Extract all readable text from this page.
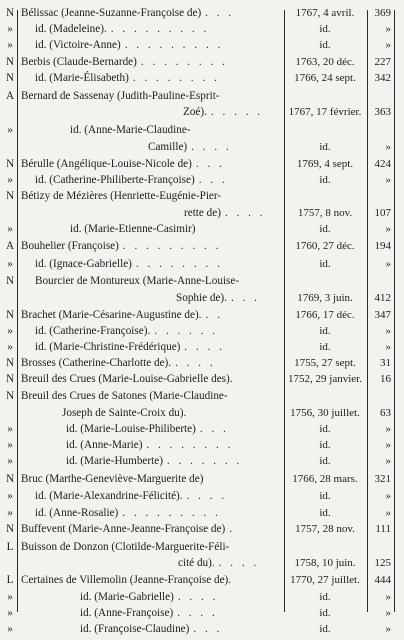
N Bélissac (Jeanne-Suzanne-Françoise de) . . .	1767, 4 avril.	369
» id. (Madeleine). . . . . . . . . .	id.	»
» id. (Victoire-Anne) . . . . . . . . .	id.	»
N Berbis (Claude-Bernarde) . . . . . . . .	1763, 20 déc.	227
N id. (Marie-Élisabeth) . . . . . . . .	1766, 24 sept.	342
A Bernard de Sassenay (Judith-Pauline-Esprit-
Zoé). . . . . .	1767, 17 février.	363
»	id. (Anne-Marie-Claudine-
Camille) . . . .	id.	»
N Bérulle (Angélique-Louise-Nicole de) . . .	1769, 4 sept.	424
» id. (Catherine-Philiberte-Françoise) . . .	id.	»
N Bétizy de Mézières (Henriette-Eugénie-Pier-
rette de) . . . .	1757, 8 nov.	107
»	id. (Marie-Etienne-Casimir)	id.	»
A Bouhelier (Françoise) . . . . . . . . .	1760, 27 déc.	194
» id. (Ignace-Gabrielle) . . . . . . . .	id.	»
N Bourcier de Montureux (Marie-Anne-Louise-
Sophie de). . . .	1769, 3 juin.	412
N Brachet (Marie-Césarine-Augustine de). . .	1766, 17 déc.	347
» id. (Catherine-Françoise). . . . . . .	id.	»
» id. (Marie-Christine-Frédérique) . . . .	id.	»
N Brosses (Catherine-Charlotte de). . . . .	1755, 27 sept.	31
N Breuil des Crues (Marie-Louise-Gabrielle des).	1752, 29 janvier.	16
N Breuil des Crues de Satones (Marie-Claudine-
Joseph de Sainte-Croix du).	1756, 30 juillet.	63
»	id. (Marie-Louise-Philiberte) . . .	id.	»
»	id. (Anne-Marie) . . . . . . . .	id.	»
»	id. (Marie-Humberte) . . . . . . .	id.	»
N Bruc (Marthe-Geneviève-Marguerite de)	1766, 28 mars.	321
» id. (Marie-Alexandrine-Félicité). . . . .	id.	»
» id. (Anne-Rosalie) . . . . . . . . .	id.	»
N Buffevent (Marie-Anne-Jeanne-Françoise de) .	1757, 28 nov.	111
L Buisson de Donzon (Clotilde-Marguerite-Féli-
cité du). . . . .	1758, 10 juin.	125
L Certaines de Villemolin (Jeanne-Françoise de).	1770, 27 juillet.	444
»	id. (Marie-Gabrielle) . . . .	id.	»
»	id. (Anne-Françoise) . . . .	id.	»
»	id. (Françoise-Claudine) . . .	id.	»
